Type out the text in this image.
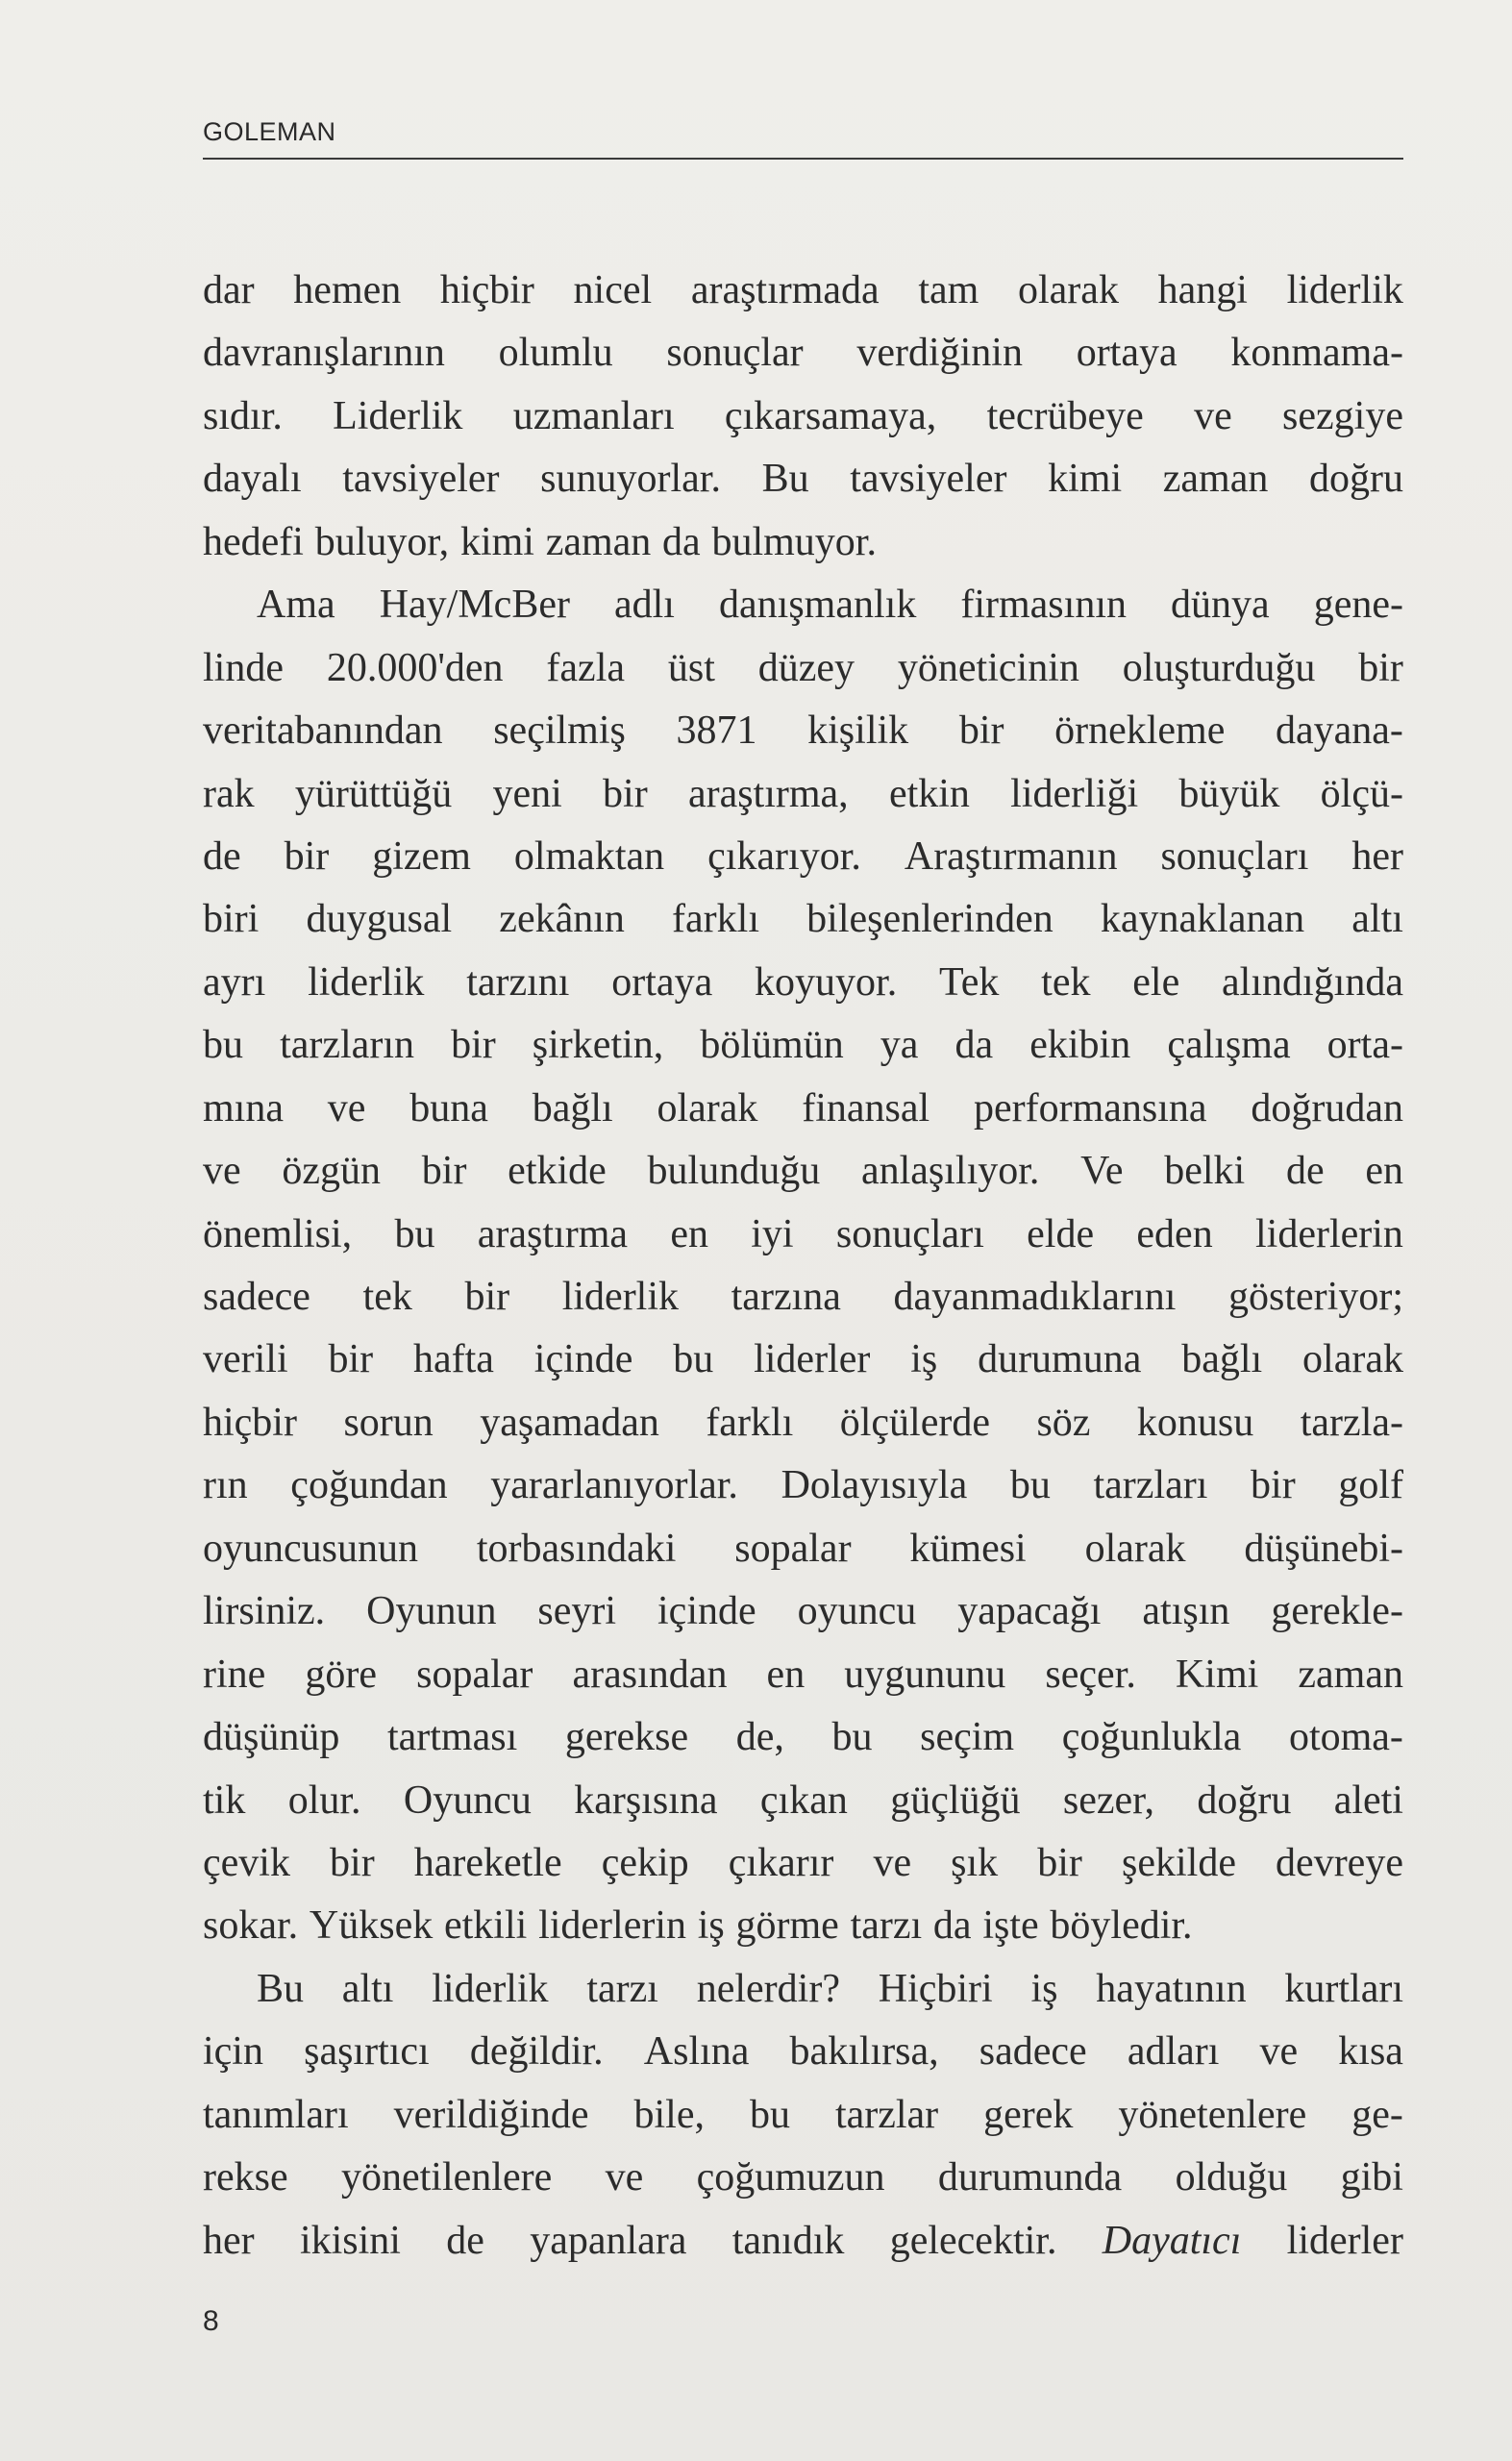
GOLEMAN
dar hemen hiçbir nicel araştırmada tam olarak hangi liderlik
davranışlarının olumlu sonuçlar verdiğinin ortaya konmama-
sıdır. Liderlik uzmanları çıkarsamaya, tecrübeye ve sezgiye
dayalı tavsiyeler sunuyorlar. Bu tavsiyeler kimi zaman doğru
hedefi buluyor, kimi zaman da bulmuyor.
Ama Hay/McBer adlı danışmanlık firmasının dünya gene-
linde 20.000'den fazla üst düzey yöneticinin oluşturduğu bir
veritabanından seçilmiş 3871 kişilik bir örnekleme dayana-
rak yürüttüğü yeni bir araştırma, etkin liderliği büyük ölçü-
de bir gizem olmaktan çıkarıyor. Araştırmanın sonuçları her
biri duygusal zekânın farklı bileşenlerinden kaynaklanan altı
ayrı liderlik tarzını ortaya koyuyor. Tek tek ele alındığında
bu tarzların bir şirketin, bölümün ya da ekibin çalışma orta-
mına ve buna bağlı olarak finansal performansına doğrudan
ve özgün bir etkide bulunduğu anlaşılıyor. Ve belki de en
önemlisi, bu araştırma en iyi sonuçları elde eden liderlerin
sadece tek bir liderlik tarzına dayanmadıklarını gösteriyor;
verili bir hafta içinde bu liderler iş durumuna bağlı olarak
hiçbir sorun yaşamadan farklı ölçülerde söz konusu tarzla-
rın çoğundan yararlanıyorlar. Dolayısıyla bu tarzları bir golf
oyuncusunun torbasındaki sopalar kümesi olarak düşünebi-
lirsiniz. Oyunun seyri içinde oyuncu yapacağı atışın gerekle-
rine göre sopalar arasından en uygununu seçer. Kimi zaman
düşünüp tartması gerekse de, bu seçim çoğunlukla otoma-
tik olur. Oyuncu karşısına çıkan güçlüğü sezer, doğru aleti
çevik bir hareketle çekip çıkarır ve şık bir şekilde devreye
sokar. Yüksek etkili liderlerin iş görme tarzı da işte böyledir.
Bu altı liderlik tarzı nelerdir? Hiçbiri iş hayatının kurtları
için şaşırtıcı değildir. Aslına bakılırsa, sadece adları ve kısa
tanımları verildiğinde bile, bu tarzlar gerek yönetenlere ge-
rekse yönetilenlere ve çoğumuzun durumunda olduğu gibi
her ikisini de yapanlara tanıdık gelecektir. Dayatıcı liderler
8
